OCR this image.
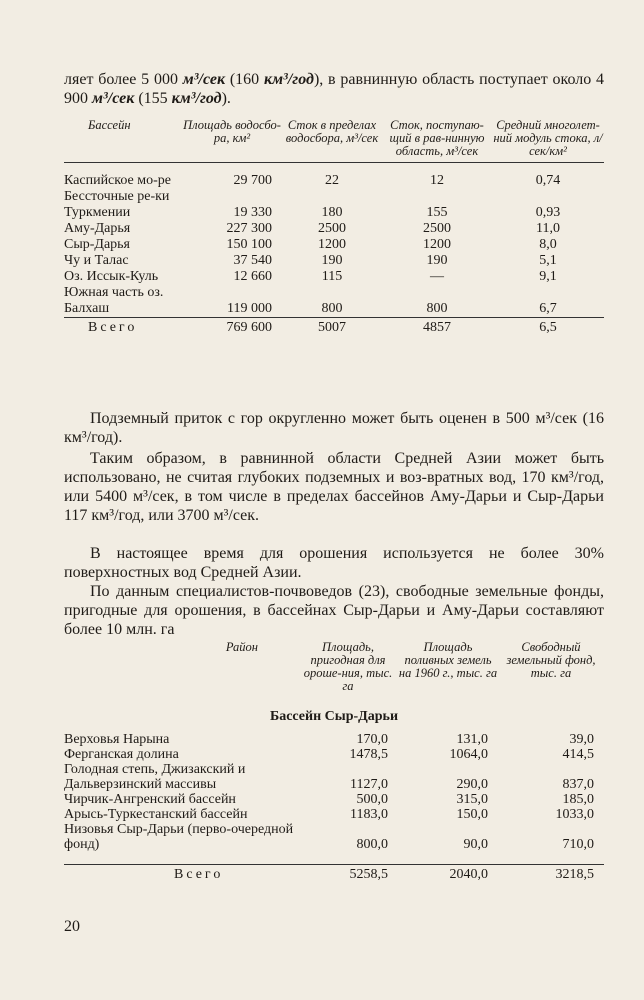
ляет более 5 000 м³/сек (160 км³/год), в равнинную область поступает около 4 900 м³/сек (155 км³/год).
Бассейн	Площадь водосбо-ра, км²	Сток в пределах водосбора, м³/сек	Сток, поступаю-щий в рав-нинную область, м³/сек	Средний многолет-ний модуль стока, л/сек/км²

Каспийское мо-ре	29 700	22	12	0,74
Бессточные ре-ки Туркмении	19 330	180	155	0,93
Аму-Дарья	227 300	2500	2500	11,0
Сыр-Дарья	150 100	1200	1200	8,0
Чу и Талас	37 540	190	190	5,1
Оз. Иссык-Куль	12 660	115	—	9,1
Южная часть оз. Балхаш	119 000	800	800	6,7
Всего	769 600	5007	4857	6,5
Подземный приток с гор округленно может быть оценен в 500 м³/сек (16 км³/год).
Таким образом, в равнинной области Средней Азии может быть использовано, не считая глубоких подземных и воз-вратных вод, 170 км³/год, или 5400 м³/сек, в том числе в пределах бассейнов Аму-Дарьи и Сыр-Дарьи 117 км³/год, или 3700 м³/сек.
В настоящее время для орошения используется не более 30% поверхностных вод Средней Азии.
По данным специалистов-почвоведов (23), свободные земельные фонды, пригодные для орошения, в бассейнах Сыр-Дарьи и Аму-Дарьи составляют более 10 млн. га
Район	Площадь, пригодная для ороше-ния, тыс. га	Площадь поливных земель на 1960 г., тыс. га	Свободный земельный фонд, тыс. га
Бассейн Сыр-Дарьи			
Верховья Нарына	170,0	131,0	39,0
Ферганская долина	1478,5	1064,0	414,5
Голодная степь, Джизакский и Дальверзинский массивы	1127,0	290,0	837,0
Чирчик-Ангренский бассейн	500,0	315,0	185,0
Арысь-Туркестанский бассейн	1183,0	150,0	1033,0
Низовья Сыр-Дарьи (перво-очередной фонд)	800,0	90,0	710,0

Всего	5258,5	2040,0	3218,5
20
